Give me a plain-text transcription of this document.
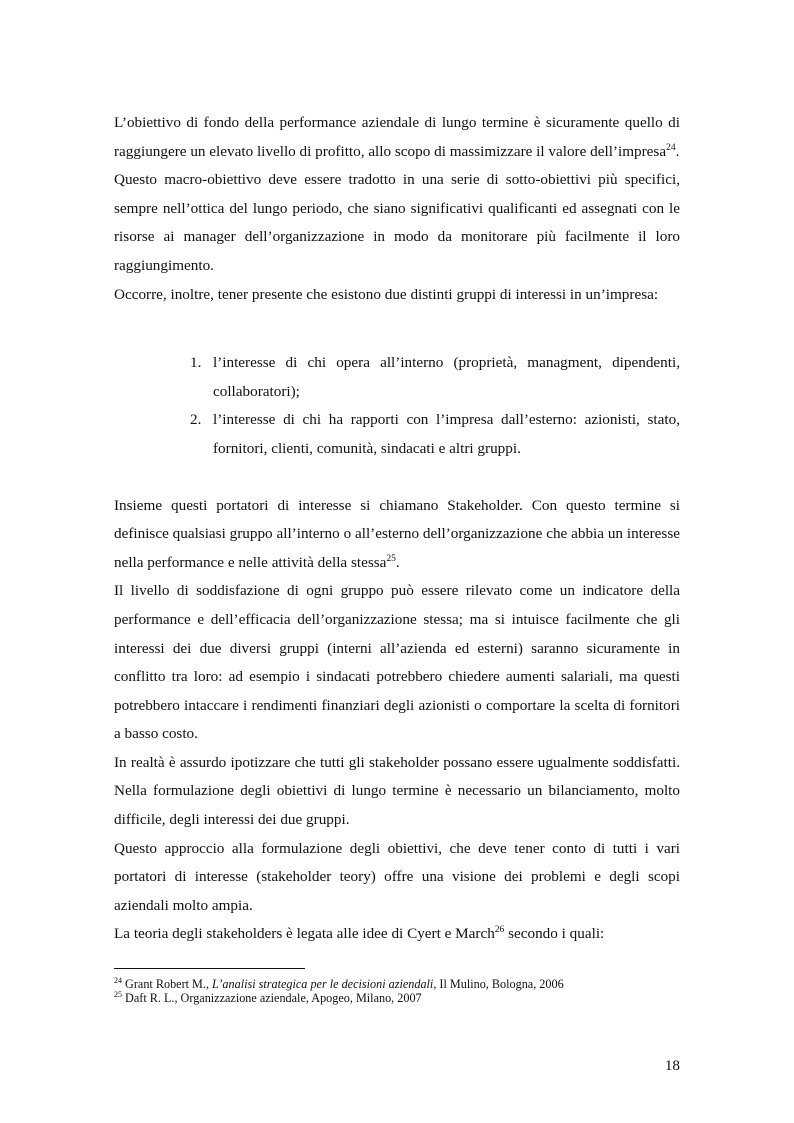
L’obiettivo di fondo della performance aziendale di lungo termine è sicuramente quello di raggiungere un elevato livello di profitto, allo scopo di massimizzare il valore dell’impresa$^{24}$.

Questo macro-obiettivo deve essere tradotto in una serie di sotto-obiettivi più specifici, sempre nell’ottica del lungo periodo, che siano significativi qualificanti ed assegnati con le risorse ai manager dell’organizzazione in modo da monitorare più facilmente il loro raggiungimento.

Occorre, inoltre, tener presente che esistono due distinti gruppi di interessi in un’impresa:

1. l’interesse di chi opera all’interno (proprietà, managment, dipendenti, collaboratori);
2. l’interesse di chi ha rapporti con l’impresa dall’esterno: azionisti, stato, fornitori, clienti, comunità, sindacati e altri gruppi.

Insieme questi portatori di interesse si chiamano Stakeholder. Con questo termine si definisce qualsiasi gruppo all’interno o all’esterno dell’organizzazione che abbia un interesse nella performance e nelle attività della stessa$^{25}$.

Il livello di soddisfazione di ogni gruppo può essere rilevato come un indicatore della performance e dell’efficacia dell’organizzazione stessa; ma si intuisce facilmente che gli interessi dei due diversi gruppi (interni all’azienda ed esterni) saranno sicuramente in conflitto tra loro: ad esempio i sindacati potrebbero chiedere aumenti salariali, ma questi potrebbero intaccare i rendimenti finanziari degli azionisti o comportare la scelta di fornitori a basso costo.

In realtà è assurdo ipotizzare che tutti gli stakeholder possano essere ugualmente soddisfatti. Nella formulazione degli obiettivi di lungo termine è necessario un bilanciamento, molto difficile, degli interessi dei due gruppi.

Questo approccio alla formulazione degli obiettivi, che deve tener conto di tutti i vari portatori di interesse (stakeholder teory) offre una visione dei problemi e degli scopi aziendali molto ampia.

La teoria degli stakeholders è legata alle idee di Cyert e March$^{26}$ secondo i quali:

$^{24}$ Grant Robert M., L’analisi strategica per le decisioni aziendali, Il Mulino, Bologna, 2006
$^{25}$ Daft R. L., Organizzazione aziendale, Apogeo, Milano, 2007
18
